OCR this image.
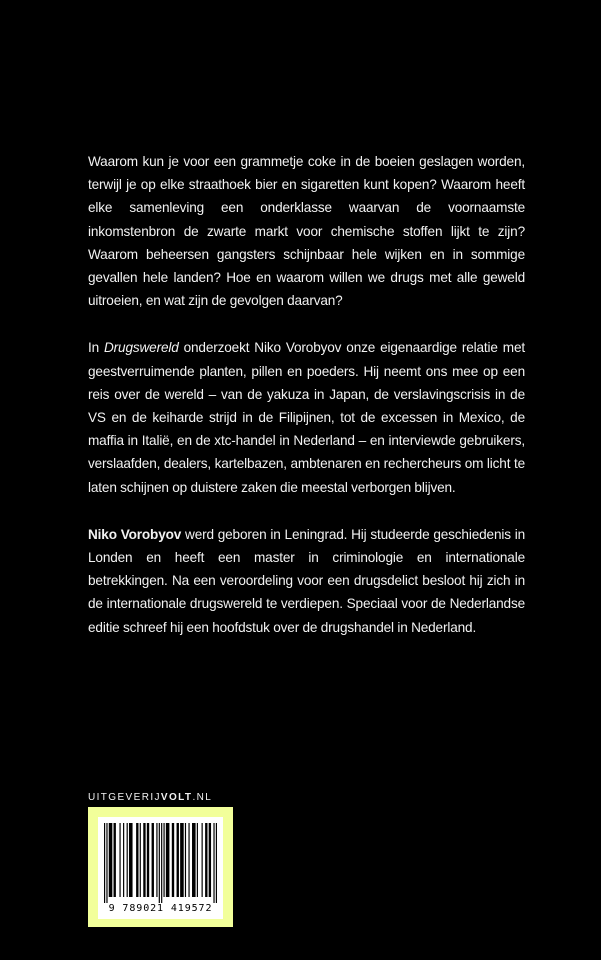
Waarom kun je voor een grammetje coke in de boeien geslagen worden, terwijl je op elke straathoek bier en sigaretten kunt kopen? Waarom heeft elke samenleving een onderklasse waarvan de voornaamste inkomstenbron de zwarte markt voor chemische stoffen lijkt te zijn? Waarom beheersen gangsters schijnbaar hele wijken en in sommige gevallen hele landen? Hoe en waarom willen we drugs met alle geweld uitroeien, en wat zijn de gevolgen daarvan?

In Drugswereld onderzoekt Niko Vorobyov onze eigenaardige relatie met geestverruimende planten, pillen en poeders. Hij neemt ons mee op een reis over de wereld – van de yakuza in Japan, de verslavingscrisis in de VS en de keiharde strijd in de Filipijnen, tot de excessen in Mexico, de maffia in Italië, en de xtc-handel in Nederland – en interviewde gebruikers, verslaafden, dealers, kartelbazen, ambtenaren en rechercheurs om licht te laten schijnen op duistere zaken die meestal verborgen blijven.

Niko Vorobyov werd geboren in Leningrad. Hij studeerde geschiedenis in Londen en heeft een master in criminologie en internationale betrekkingen. Na een veroordeling voor een drugsdelict besloot hij zich in de internationale drugswereld te verdiepen. Speciaal voor de Nederlandse editie schreef hij een hoofdstuk over de drugshandel in Nederland.

UITGEVERIJVOLT.NL
9 789021 419572
